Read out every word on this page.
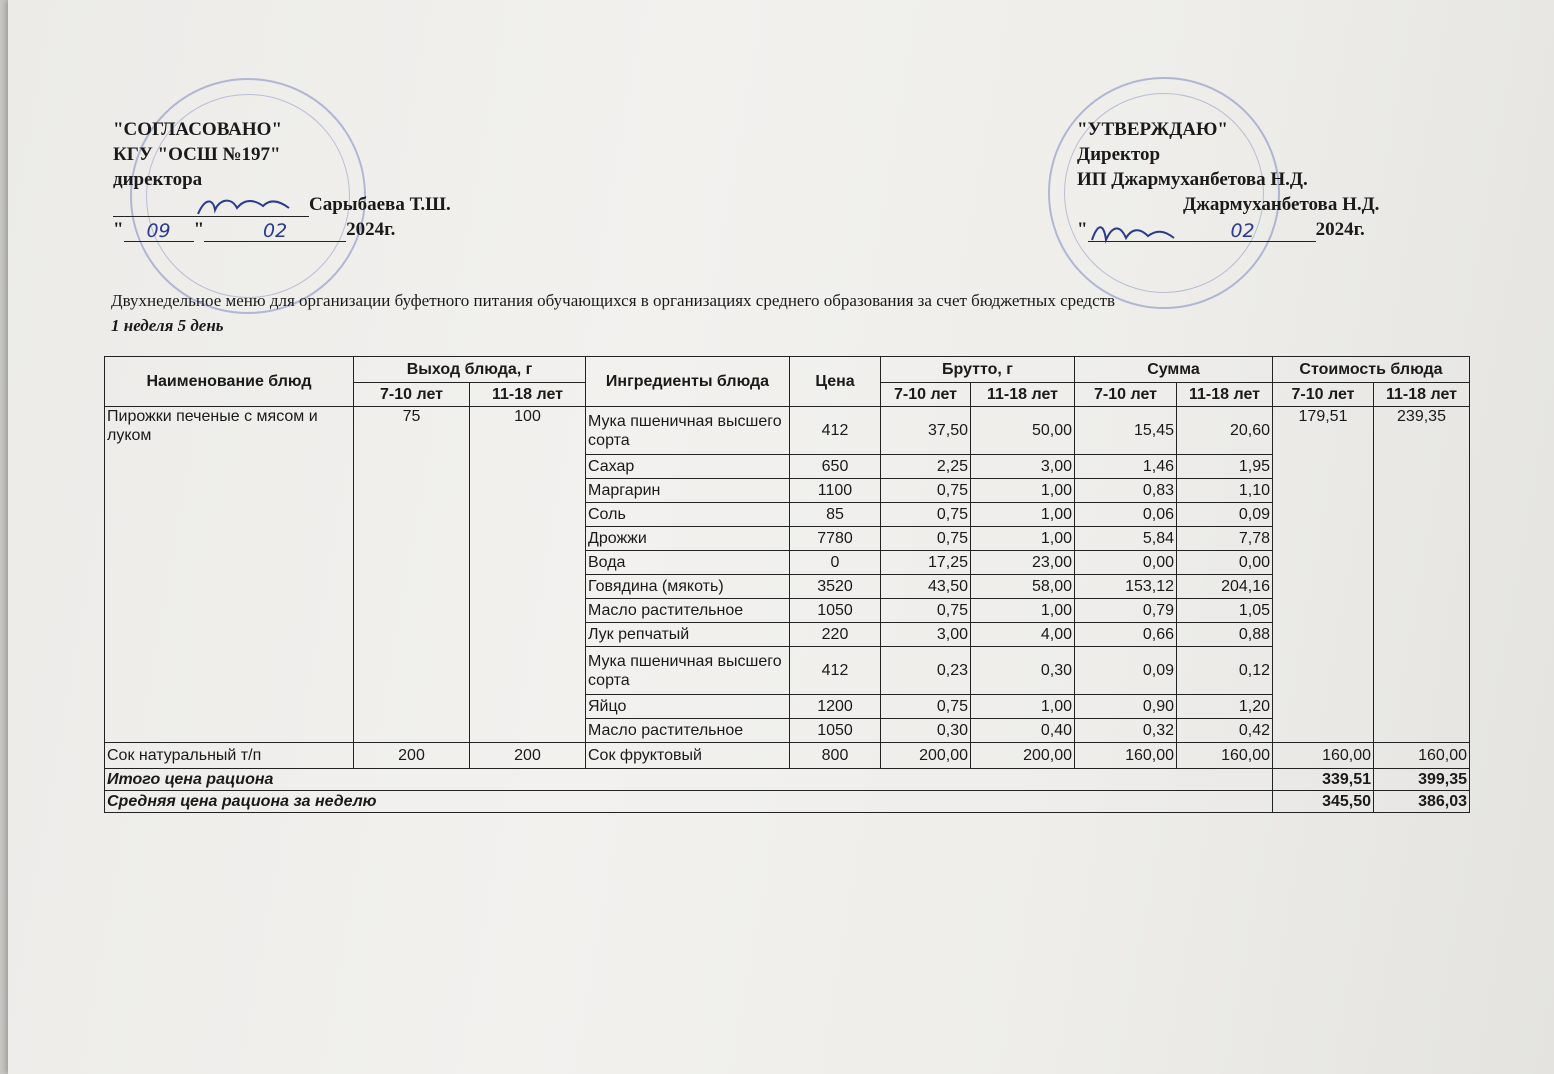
"СОГЛАСОВАНО"
КГУ "ОСШ №197"
директора
Сарыбаева Т.Ш.
" 09 "	02	2024г.
"УТВЕРЖДАЮ"
Директор
ИП Джармуханбетова Н.Д.
Джармуханбетова Н.Д.
"	02	2024г.
Двухнедельное меню для организации буфетного питания обучающихся в организациях среднего образования за счет бюджетных средств
1 неделя 5 день
Наименование блюд	Выход блюда, г		Ингредиенты блюда	Цена	Брутто, г		Сумма		Стоимость блюда	
	7-10 лет	11-18 лет			7-10 лет	11-18 лет	7-10 лет	11-18 лет	7-10 лет	11-18 лет
Пирожки печеные с мясом и луком	75	100	Мука пшеничная высшего сорта	412	37,50	50,00	15,45	20,60	179,51	239,35
			Сахар	650	2,25	3,00	1,46	1,95		
			Маргарин	1100	0,75	1,00	0,83	1,10		
			Соль	85	0,75	1,00	0,06	0,09		
			Дрожжи	7780	0,75	1,00	5,84	7,78		
			Вода	0	17,25	23,00	0,00	0,00		
			Говядина (мякоть)	3520	43,50	58,00	153,12	204,16		
			Масло растительное	1050	0,75	1,00	0,79	1,05		
			Лук репчатый	220	3,00	4,00	0,66	0,88		
			Мука пшеничная высшего сорта	412	0,23	0,30	0,09	0,12		
			Яйцо	1200	0,75	1,00	0,90	1,20		
			Масло растительное	1050	0,30	0,40	0,32	0,42		
Сок натуральный т/п	200	200	Сок фруктовый	800	200,00	200,00	160,00	160,00	160,00	160,00
Итого цена рациона									339,51	399,35
Средняя цена рациона за неделю									345,50	386,03
